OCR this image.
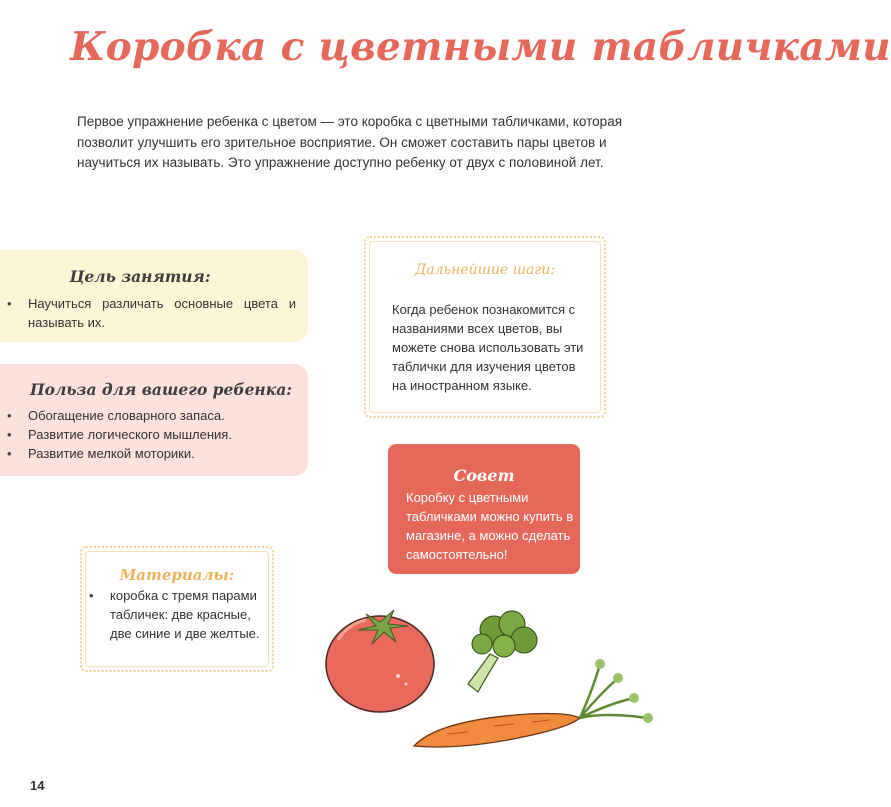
Коробка с цветными табличками
Первое упражнение ребенка с цветом — это коробка с цветными табличками, которая позволит улучшить его зрительное восприятие. Он сможет составить пары цветов и научиться их называть. Это упражнение доступно ребенку от двух с половиной лет.
Цель занятия:
• Научиться различать основные цвета и называть их.
Польза для вашего ребенка:
• Обогащение словарного запаса.
• Развитие логического мышления.
• Развитие мелкой моторики.
Дальнейшие шаги:
Когда ребенок познакомится с названиями всех цветов, вы можете снова использовать эти таблички для изучения цветов на иностранном языке.
Совет
Коробку с цветными табличками можно купить в магазине, а можно сделать самостоятельно!
Материалы:
• коробка с тремя парами табличек: две красные, две синие и две желтые.
14
